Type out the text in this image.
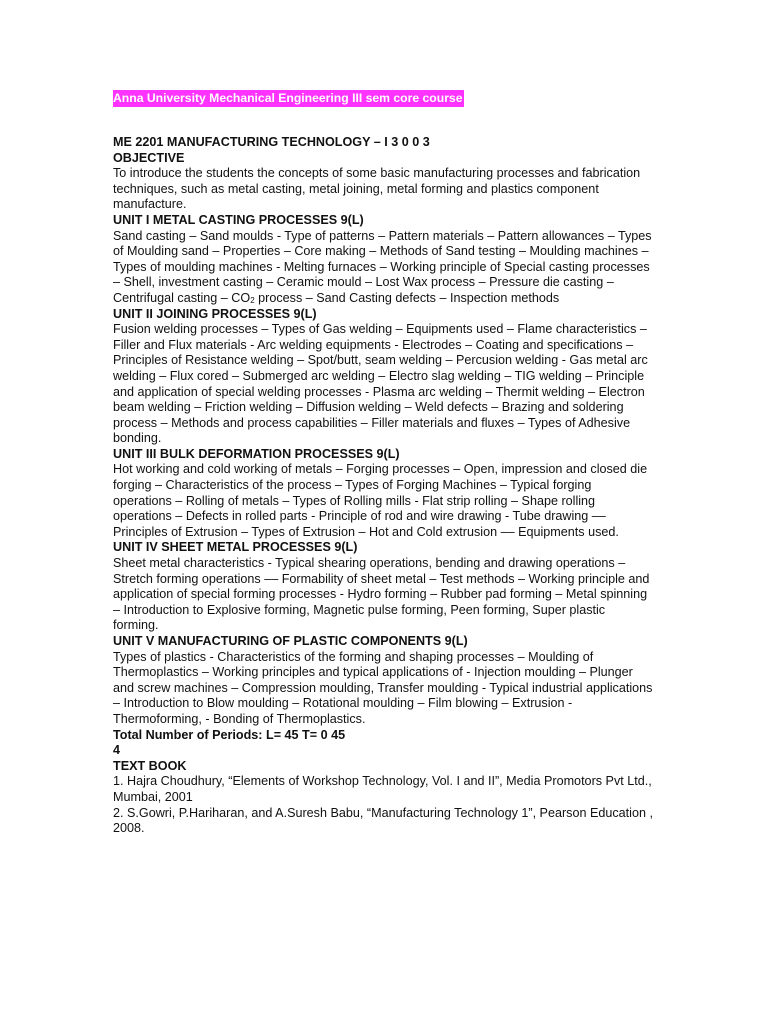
Anna University Mechanical Engineering III sem core course
ME 2201 MANUFACTURING TECHNOLOGY – I 3 0 0 3
OBJECTIVE
To introduce the students the concepts of some basic manufacturing processes and fabrication techniques, such as metal casting, metal joining, metal forming and plastics component manufacture.
UNIT I METAL CASTING PROCESSES 9(L)
Sand casting – Sand moulds - Type of patterns – Pattern materials – Pattern allowances – Types of Moulding sand – Properties – Core making – Methods of Sand testing – Moulding machines – Types of moulding machines - Melting furnaces – Working principle of Special casting processes – Shell, investment casting – Ceramic mould – Lost Wax process – Pressure die casting – Centrifugal casting – $CO_2$ process – Sand Casting defects – Inspection methods
UNIT II JOINING PROCESSES 9(L)
Fusion welding processes – Types of Gas welding – Equipments used – Flame characteristics – Filler and Flux materials - Arc welding equipments - Electrodes – Coating and specifications – Principles of Resistance welding – Spot/butt, seam welding – Percusion welding - Gas metal arc welding – Flux cored – Submerged arc welding – Electro slag welding – TIG welding – Principle and application of special welding processes - Plasma arc welding – Thermit welding – Electron beam welding – Friction welding – Diffusion welding – Weld defects – Brazing and soldering process – Methods and process capabilities – Filler materials and fluxes – Types of Adhesive bonding.
UNIT III BULK DEFORMATION PROCESSES 9(L)
Hot working and cold working of metals – Forging processes – Open, impression and closed die forging – Characteristics of the process – Types of Forging Machines – Typical forging operations – Rolling of metals – Types of Rolling mills - Flat strip rolling – Shape rolling operations – Defects in rolled parts - Principle of rod and wire drawing - Tube drawing –– Principles of Extrusion – Types of Extrusion – Hot and Cold extrusion –– Equipments used.
UNIT IV SHEET METAL PROCESSES 9(L)
Sheet metal characteristics - Typical shearing operations, bending and drawing operations – Stretch forming operations –– Formability of sheet metal – Test methods – Working principle and application of special forming processes - Hydro forming – Rubber pad forming – Metal spinning – Introduction to Explosive forming, Magnetic pulse forming, Peen forming, Super plastic forming.
UNIT V MANUFACTURING OF PLASTIC COMPONENTS 9(L)
Types of plastics - Characteristics of the forming and shaping processes – Moulding of Thermoplastics – Working principles and typical applications of - Injection moulding – Plunger and screw machines – Compression moulding, Transfer moulding - Typical industrial applications – Introduction to Blow moulding – Rotational moulding – Film blowing – Extrusion - Thermoforming, - Bonding of Thermoplastics.
Total Number of Periods: L= 45 T= 0 45
4
TEXT BOOK
1. Hajra Choudhury, “Elements of Workshop Technology, Vol. I and II”, Media Promotors Pvt Ltd., Mumbai, 2001
2. S.Gowri, P.Hariharan, and A.Suresh Babu, “Manufacturing Technology 1”, Pearson Education , 2008.
